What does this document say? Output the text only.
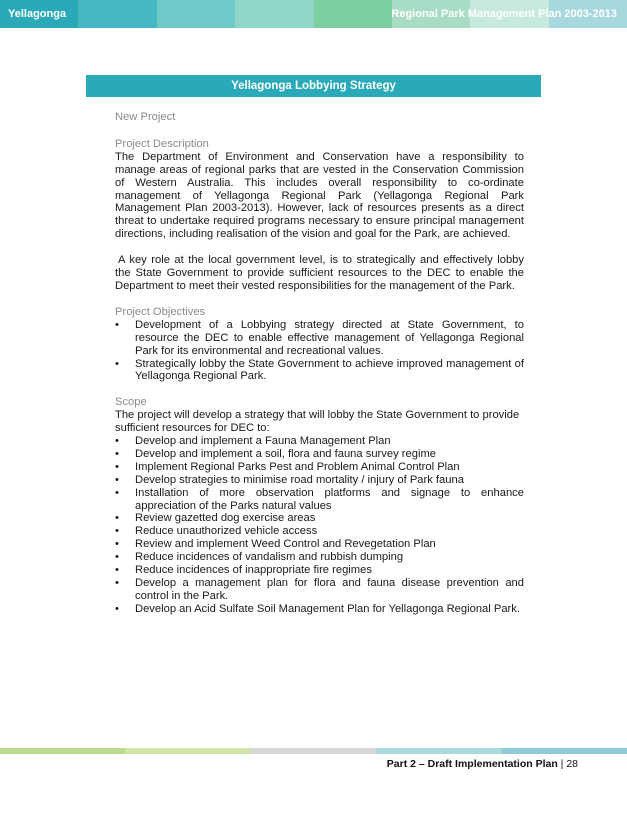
Yellagonga	Regional Park Management Plan 2003-2013
Yellagonga Lobbying Strategy
New Project
Project Description

The Department of Environment and Conservation have a responsibility to manage areas of regional parks that are vested in the Conservation Commission of Western Australia. This includes overall responsibility to co-ordinate management of Yellagonga Regional Park (Yellagonga Regional Park Management Plan 2003-2013). However, lack of resources presents as a direct threat to undertake required programs necessary to ensure principal management directions, including realisation of the vision and goal for the Park, are achieved.

A key role at the local government level, is to strategically and effectively lobby the State Government to provide sufficient resources to the DEC to enable the Department to meet their vested responsibilities for the management of the Park.

Project Objectives
• Development of a Lobbying strategy directed at State Government, to resource the DEC to enable effective management of Yellagonga Regional Park for its environmental and recreational values.
• Strategically lobby the State Government to achieve improved management of Yellagonga Regional Park.
Scope

The project will develop a strategy that will lobby the State Government to provide sufficient resources for DEC to:

• Develop and implement a Fauna Management Plan
• Develop and implement a soil, flora and fauna survey regime
• Implement Regional Parks Pest and Problem Animal Control Plan
• Develop strategies to minimise road mortality / injury of Park fauna
• Installation of more observation platforms and signage to enhance appreciation of the Parks natural values
• Review gazetted dog exercise areas
• Reduce unauthorized vehicle access
• Review and implement Weed Control and Revegetation Plan
• Reduce incidences of vandalism and rubbish dumping
• Reduce incidences of inappropriate fire regimes
• Develop a management plan for flora and fauna disease prevention and control in the Park.
• Develop an Acid Sulfate Soil Management Plan for Yellagonga Regional Park.
Part 2 – Draft Implementation Plan | 28
